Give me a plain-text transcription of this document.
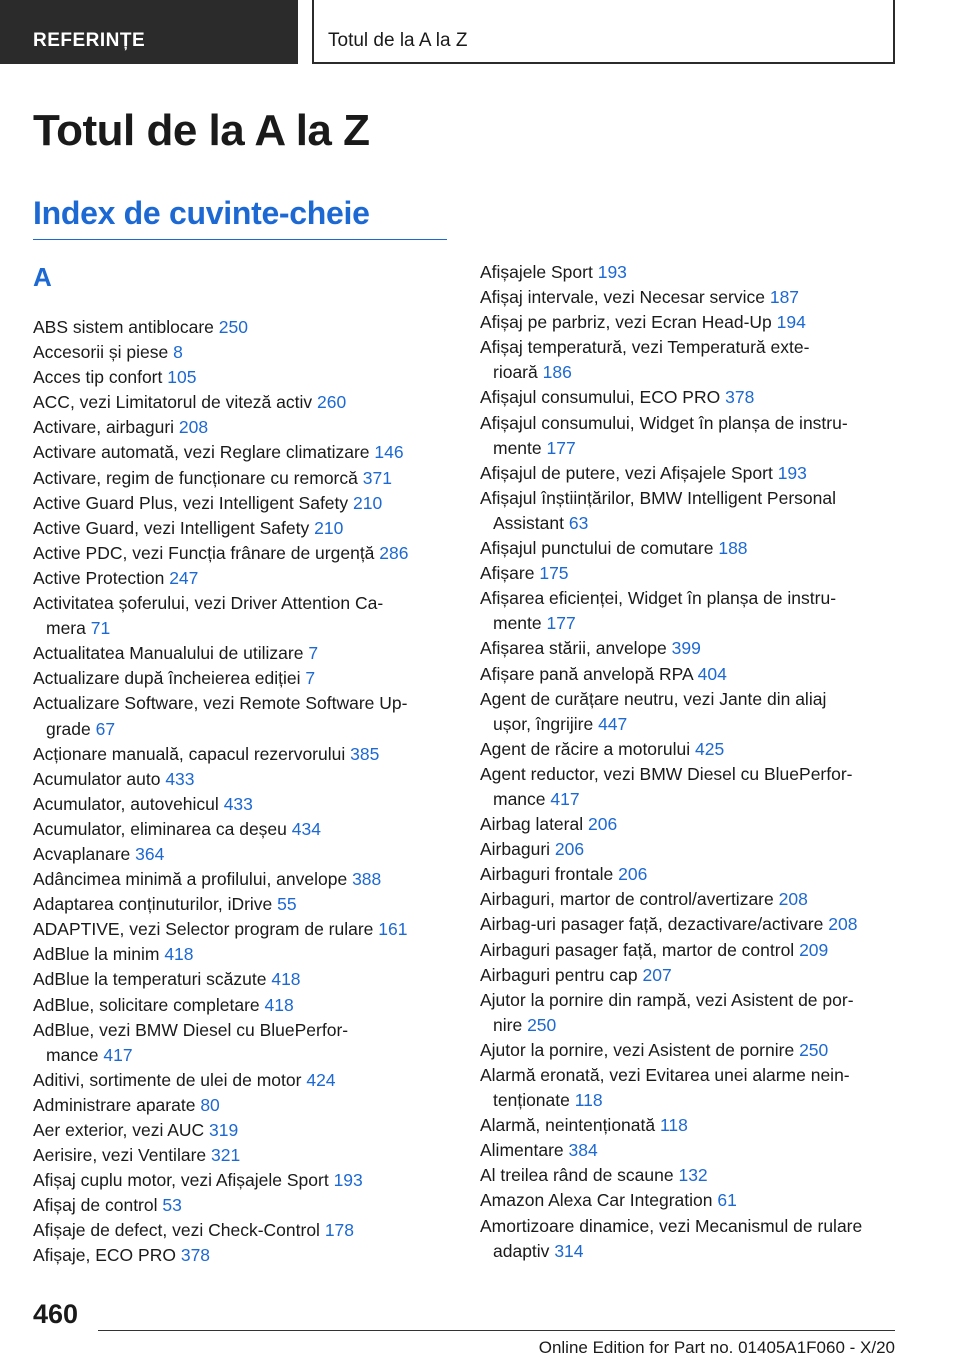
REFERINȚE	Totul de la A la Z
Totul de la A la Z
Index de cuvinte-cheie
A
ABS sistem antiblocare 250
Accesorii și piese 8
Acces tip confort 105
ACC, vezi Limitatorul de viteză activ 260
Activare, airbaguri 208
Activare automată, vezi Reglare climatizare 146
Activare, regim de funcționare cu remorcă 371
Active Guard Plus, vezi Intelligent Safety 210
Active Guard, vezi Intelligent Safety 210
Active PDC, vezi Funcția frânare de urgență 286
Active Protection 247
Activitatea șoferului, vezi Driver Attention Ca-
mera 71
Actualitatea Manualului de utilizare 7
Actualizare după încheierea ediției 7
Actualizare Software, vezi Remote Software Up-
grade 67
Acționare manuală, capacul rezervorului 385
Acumulator auto 433
Acumulator, autovehicul 433
Acumulator, eliminarea ca deșeu 434
Acvaplanare 364
Adâncimea minimă a profilului, anvelope 388
Adaptarea conținuturilor, iDrive 55
ADAPTIVE, vezi Selector program de rulare 161
AdBlue la minim 418
AdBlue la temperaturi scăzute 418
AdBlue, solicitare completare 418
AdBlue, vezi BMW Diesel cu BluePerfor-
mance 417
Aditivi, sortimente de ulei de motor 424
Administrare aparate 80
Aer exterior, vezi AUC 319
Aerisire, vezi Ventilare 321
Afișaj cuplu motor, vezi Afișajele Sport 193
Afișaj de control 53
Afișaje de defect, vezi Check-Control 178
Afișaje, ECO PRO 378
Afișajele Sport 193
Afișaj intervale, vezi Necesar service 187
Afișaj pe parbriz, vezi Ecran Head-Up 194
Afișaj temperatură, vezi Temperatură exte-
rioară 186
Afișajul consumului, ECO PRO 378
Afișajul consumului, Widget în planșa de instru-
mente 177
Afișajul de putere, vezi Afișajele Sport 193
Afișajul înștiințărilor, BMW Intelligent Personal
Assistant 63
Afișajul punctului de comutare 188
Afișare 175
Afișarea eficienței, Widget în planșa de instru-
mente 177
Afișarea stării, anvelope 399
Afișare pană anvelopă RPA 404
Agent de curățare neutru, vezi Jante din aliaj
ușor, îngrijire 447
Agent de răcire a motorului 425
Agent reductor, vezi BMW Diesel cu BluePerfor-
mance 417
Airbag lateral 206
Airbaguri 206
Airbaguri frontale 206
Airbaguri, martor de control/avertizare 208
Airbag-uri pasager față, dezactivare/activare 208
Airbaguri pasager față, martor de control 209
Airbaguri pentru cap 207
Ajutor la pornire din rampă, vezi Asistent de por-
nire 250
Ajutor la pornire, vezi Asistent de pornire 250
Alarmă eronată, vezi Evitarea unei alarme nein-
tenționate 118
Alarmă, neintenționată 118
Alimentare 384
Al treilea rând de scaune 132
Amazon Alexa Car Integration 61
Amortizoare dinamice, vezi Mecanismul de rulare
adaptiv 314
460
Online Edition for Part no. 01405A1F060 - X/20
